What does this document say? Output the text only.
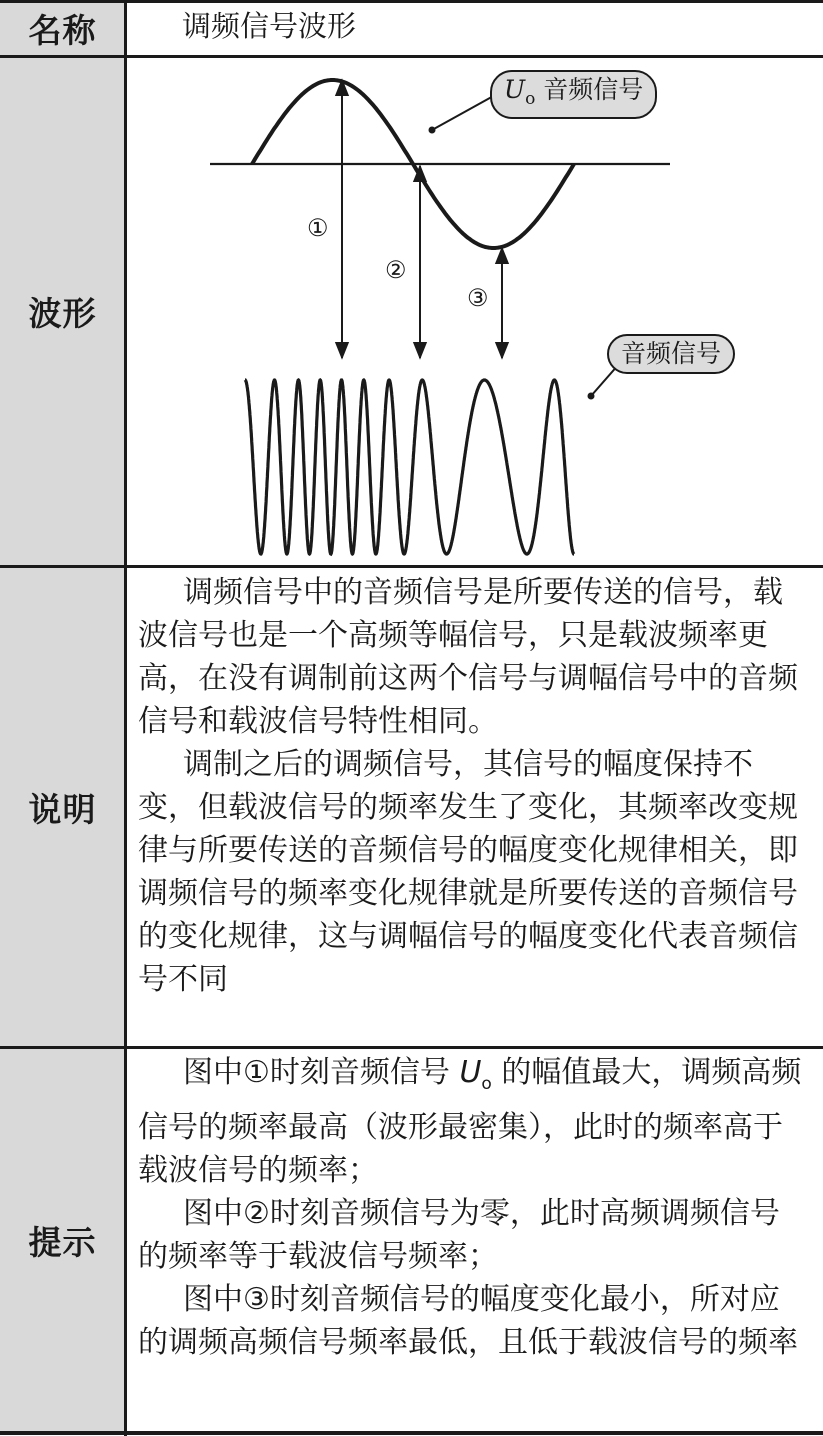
名称
波形
说明
提示
调频信号波形
①
②
③
$U_o$ 音频信号
音频信号

调频信号中的音频信号是所要传送的信号，载波信号也是一个高频等幅信号，只是载波频率更高，在没有调制前这两个信号与调幅信号中的音频信号和载波信号特性相同。

调制之后的调频信号，其信号的幅度保持不变，但载波信号的频率发生了变化，其频率改变规律与所要传送的音频信号的幅度变化规律相关，即调频信号的频率变化规律就是所要传送的音频信号的变化规律，这与调幅信号的幅度变化代表音频信号不同

图中①时刻音频信号 $U_o$ 的幅值最大，调频高频信号的频率最高（波形最密集），此时的频率高于载波信号的频率；

图中②时刻音频信号为零，此时高频调频信号的频率等于载波信号频率；

图中③时刻音频信号的幅度变化最小，所对应的调频高频信号频率最低，且低于载波信号的频率
